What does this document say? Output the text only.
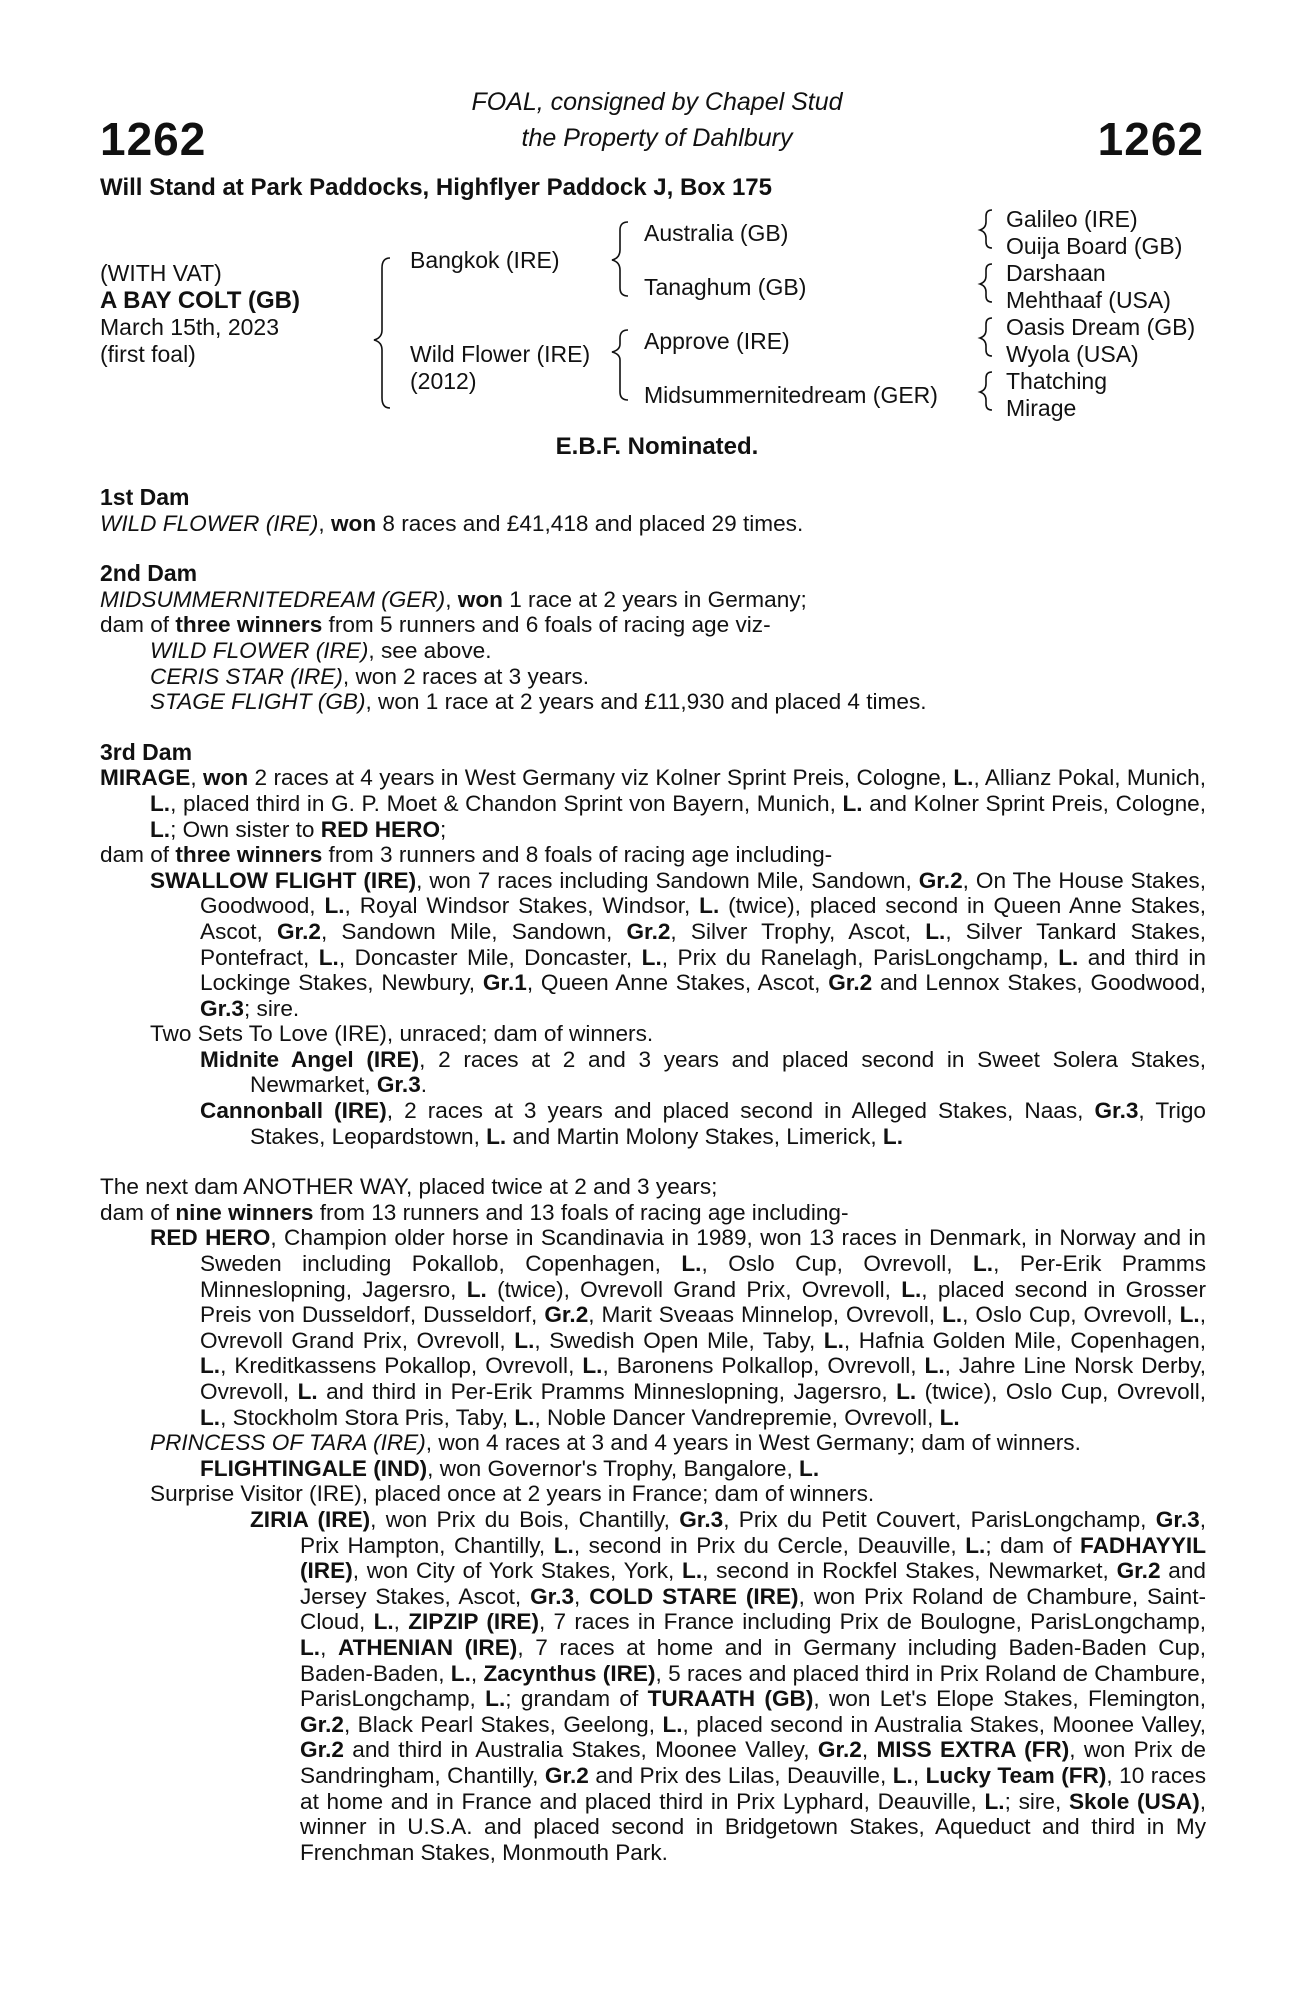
1262
FOAL, consigned by Chapel Stud
the Property of Dahlbury	1262
Will Stand at Park Paddocks, Highflyer Paddock J, Box 175
(WITH VAT)
A BAY COLT (GB)
March 15th, 2023
(first foal)
Bangkok (IRE)
Wild Flower (IRE)
(2012)
Australia (GB)
Tanaghum (GB)
Approve (IRE)
Midsummernitedream (GER)
Galileo (IRE)
Ouija Board (GB)
Darshaan
Mehthaaf (USA)
Oasis Dream (GB)
Wyola (USA)
Thatching
Mirage
E.B.F. Nominated.
1st Dam
WILD FLOWER (IRE), won 8 races and £41,418 and placed 29 times.
2nd Dam
MIDSUMMERNITEDREAM (GER), won 1 race at 2 years in Germany;
dam of three winners from 5 runners and 6 foals of racing age viz-
WILD FLOWER (IRE), see above.
CERIS STAR (IRE), won 2 races at 3 years.
STAGE FLIGHT (GB), won 1 race at 2 years and £11,930 and placed 4 times.
3rd Dam
MIRAGE, won 2 races at 4 years in West Germany viz Kolner Sprint Preis, Cologne, L., Allianz Pokal, Munich, L., placed third in G. P. Moet & Chandon Sprint von Bayern, Munich, L. and Kolner Sprint Preis, Cologne, L.; Own sister to RED HERO;
dam of three winners from 3 runners and 8 foals of racing age including-
SWALLOW FLIGHT (IRE), won 7 races including Sandown Mile, Sandown, Gr.2, On The House Stakes, Goodwood, L., Royal Windsor Stakes, Windsor, L. (twice), placed second in Queen Anne Stakes, Ascot, Gr.2, Sandown Mile, Sandown, Gr.2, Silver Trophy, Ascot, L., Silver Tankard Stakes, Pontefract, L., Doncaster Mile, Doncaster, L., Prix du Ranelagh, ParisLongchamp, L. and third in Lockinge Stakes, Newbury, Gr.1, Queen Anne Stakes, Ascot, Gr.2 and Lennox Stakes, Goodwood, Gr.3; sire.
Two Sets To Love (IRE), unraced; dam of winners.
Midnite Angel (IRE), 2 races at 2 and 3 years and placed second in Sweet Solera Stakes, Newmarket, Gr.3.
Cannonball (IRE), 2 races at 3 years and placed second in Alleged Stakes, Naas, Gr.3, Trigo Stakes, Leopardstown, L. and Martin Molony Stakes, Limerick, L.
The next dam ANOTHER WAY, placed twice at 2 and 3 years;
dam of nine winners from 13 runners and 13 foals of racing age including-
RED HERO, Champion older horse in Scandinavia in 1989, won 13 races in Denmark, in Norway and in Sweden including Pokallob, Copenhagen, L., Oslo Cup, Ovrevoll, L., Per-Erik Pramms Minneslopning, Jagersro, L. (twice), Ovrevoll Grand Prix, Ovrevoll, L., placed second in Grosser Preis von Dusseldorf, Dusseldorf, Gr.2, Marit Sveaas Minnelop, Ovrevoll, L., Oslo Cup, Ovrevoll, L., Ovrevoll Grand Prix, Ovrevoll, L., Swedish Open Mile, Taby, L., Hafnia Golden Mile, Copenhagen, L., Kreditkassens Pokallop, Ovrevoll, L., Baronens Polkallop, Ovrevoll, L., Jahre Line Norsk Derby, Ovrevoll, L. and third in Per-Erik Pramms Minneslopning, Jagersro, L. (twice), Oslo Cup, Ovrevoll, L., Stockholm Stora Pris, Taby, L., Noble Dancer Vandrepremie, Ovrevoll, L.
PRINCESS OF TARA (IRE), won 4 races at 3 and 4 years in West Germany; dam of winners.
FLIGHTINGALE (IND), won Governor's Trophy, Bangalore, L.
Surprise Visitor (IRE), placed once at 2 years in France; dam of winners.
ZIRIA (IRE), won Prix du Bois, Chantilly, Gr.3, Prix du Petit Couvert, ParisLongchamp, Gr.3, Prix Hampton, Chantilly, L., second in Prix du Cercle, Deauville, L.; dam of FADHAYYIL (IRE), won City of York Stakes, York, L., second in Rockfel Stakes, Newmarket, Gr.2 and Jersey Stakes, Ascot, Gr.3, COLD STARE (IRE), won Prix Roland de Chambure, Saint-Cloud, L., ZIPZIP (IRE), 7 races in France including Prix de Boulogne, ParisLongchamp, L., ATHENIAN (IRE), 7 races at home and in Germany including Baden-Baden Cup, Baden-Baden, L., Zacynthus (IRE), 5 races and placed third in Prix Roland de Chambure, ParisLongchamp, L.; grandam of TURAATH (GB), won Let's Elope Stakes, Flemington, Gr.2, Black Pearl Stakes, Geelong, L., placed second in Australia Stakes, Moonee Valley, Gr.2 and third in Australia Stakes, Moonee Valley, Gr.2, MISS EXTRA (FR), won Prix de Sandringham, Chantilly, Gr.2 and Prix des Lilas, Deauville, L., Lucky Team (FR), 10 races at home and in France and placed third in Prix Lyphard, Deauville, L.; sire, Skole (USA), winner in U.S.A. and placed second in Bridgetown Stakes, Aqueduct and third in My Frenchman Stakes, Monmouth Park.
